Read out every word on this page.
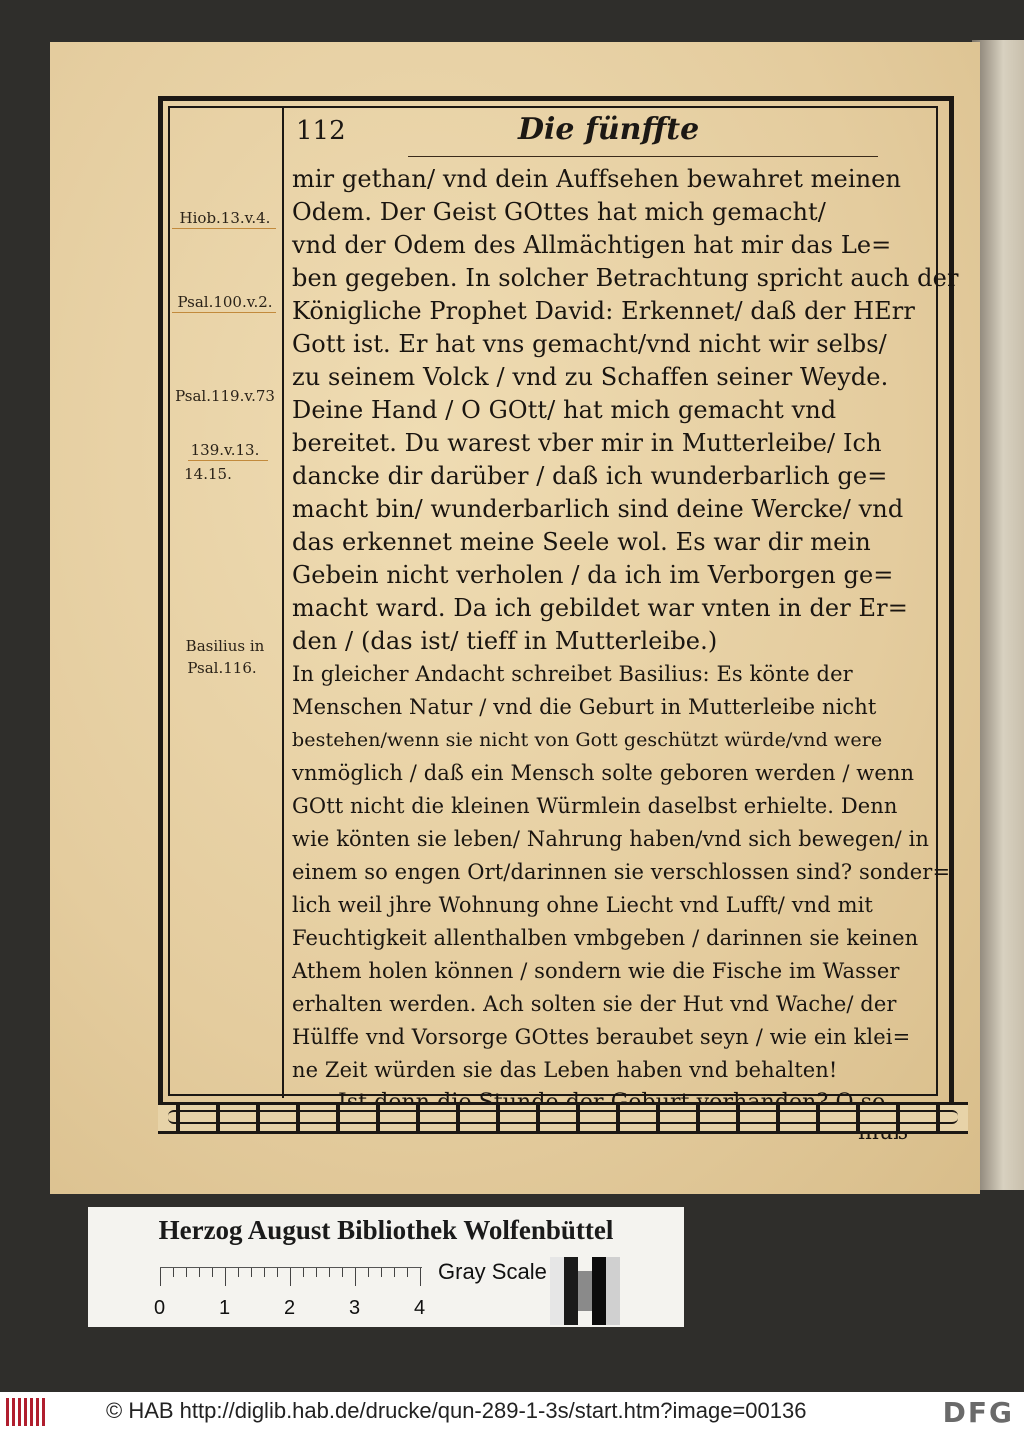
112	Die fünffte
Hiob.13.v.4.
Psal.100.v.2.
Psal.119.v.73
139.v.13.
14.15.
Basilius in
Psal.116.
mir gethan/ vnd dein Auffsehen bewahret meinen
Odem. Der Geist GOttes hat mich gemacht/
vnd der Odem des Allmächtigen hat mir das Le=
ben gegeben. In solcher Betrachtung spricht auch der
Königliche Prophet David: Erkennet/ daß der HErr
Gott ist. Er hat vns gemacht/vnd nicht wir selbs/
zu seinem Volck / vnd zu Schaffen seiner Weyde.
Deine Hand / O GOtt/ hat mich gemacht vnd
bereitet. Du warest vber mir in Mutterleibe/ Ich
dancke dir darüber / daß ich wunderbarlich ge=
macht bin/ wunderbarlich sind deine Wercke/ vnd
das erkennet meine Seele wol. Es war dir mein
Gebein nicht verholen / da ich im Verborgen ge=
macht ward. Da ich gebildet war vnten in der Er=
den / (das ist/ tieff in Mutterleibe.)
In gleicher Andacht schreibet Basilius: Es könte der
Menschen Natur / vnd die Geburt in Mutterleibe nicht
bestehen/wenn sie nicht von Gott geschützt würde/vnd were
vnmöglich / daß ein Mensch solte geboren werden / wenn
GOtt nicht die kleinen Würmlein daselbst erhielte. Denn
wie könten sie leben/ Nahrung haben/vnd sich bewegen/ in
einem so engen Ort/darinnen sie verschlossen sind? sonder=
lich weil jhre Wohnung ohne Liecht vnd Lufft/ vnd mit
Feuchtigkeit allenthalben vmbgeben / darinnen sie keinen
Athem holen können / sondern wie die Fische im Wasser
erhalten werden. Ach solten sie der Hut vnd Wache/ der
Hülffe vnd Vorsorge GOttes beraubet seyn / wie ein klei=
ne Zeit würden sie das Leben haben vnd behalten!
Herzog August Bibliothek Wolfenbüttel
0	1	2	3	4
Gray Scale
© HAB http://diglib.hab.de/drucke/qun-289-1-3s/start.htm?image=00136	DFG
